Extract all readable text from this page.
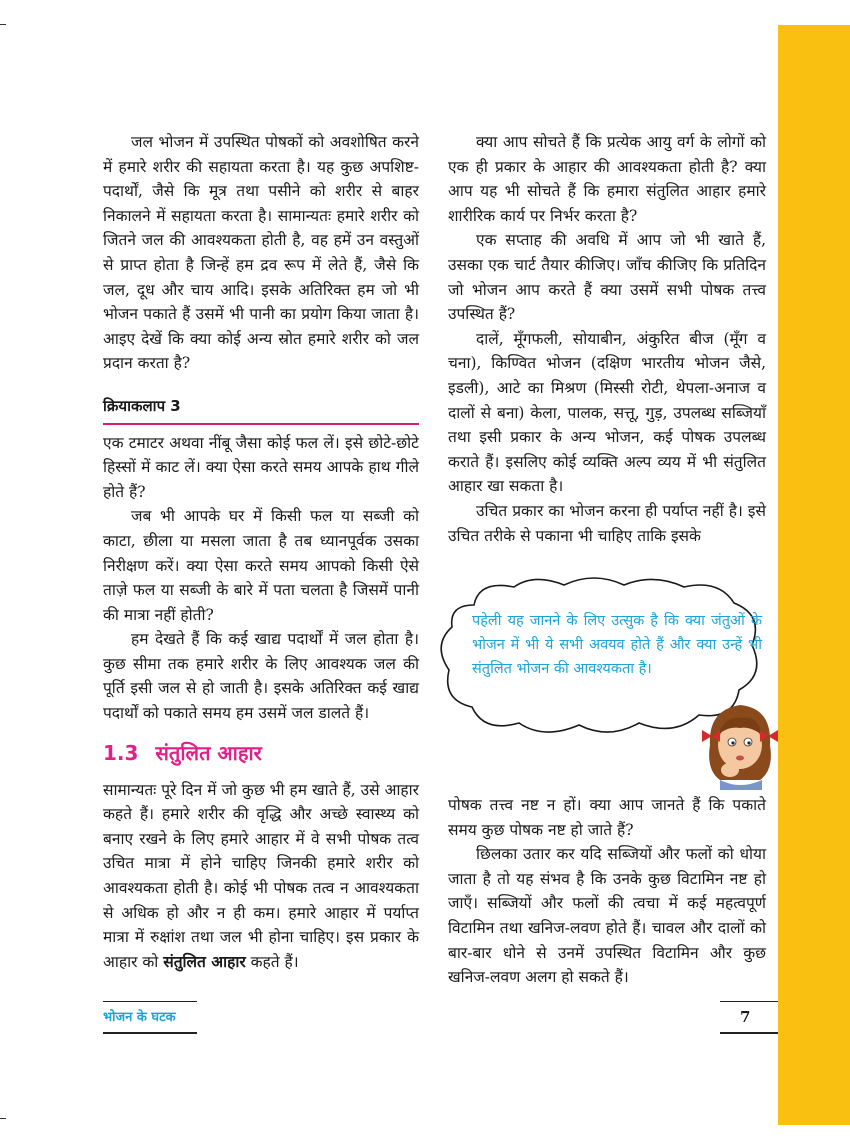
जल भोजन में उपस्थित पोषकों को अवशोषित करने में हमारे शरीर की सहायता करता है। यह कुछ अपशिष्ट-पदार्थों, जैसे कि मूत्र तथा पसीने को शरीर से बाहर निकालने में सहायता करता है। सामान्यतः हमारे शरीर को जितने जल की आवश्यकता होती है, वह हमें उन वस्तुओं से प्राप्त होता है जिन्हें हम द्रव रूप में लेते हैं, जैसे कि जल, दूध और चाय आदि। इसके अतिरिक्त हम जो भी भोजन पकाते हैं उसमें भी पानी का प्रयोग किया जाता है। आइए देखें कि क्या कोई अन्य स्रोत हमारे शरीर को जल प्रदान करता है?

क्रियाकलाप 3

एक टमाटर अथवा नींबू जैसा कोई फल लें। इसे छोटे-छोटे हिस्सों में काट लें। क्या ऐसा करते समय आपके हाथ गीले होते हैं?

जब भी आपके घर में किसी फल या सब्जी को काटा, छीला या मसला जाता है तब ध्यानपूर्वक उसका निरीक्षण करें। क्या ऐसा करते समय आपको किसी ऐसे ताज़े फल या सब्जी के बारे में पता चलता है जिसमें पानी की मात्रा नहीं होती?

हम देखते हैं कि कई खाद्य पदार्थों में जल होता है। कुछ सीमा तक हमारे शरीर के लिए आवश्यक जल की पूर्ति इसी जल से हो जाती है। इसके अतिरिक्त कई खाद्य पदार्थों को पकाते समय हम उसमें जल डालते हैं।

1.3 संतुलित आहार

सामान्यतः पूरे दिन में जो कुछ भी हम खाते हैं, उसे आहार कहते हैं। हमारे शरीर की वृद्धि और अच्छे स्वास्थ्य को बनाए रखने के लिए हमारे आहार में वे सभी पोषक तत्व उचित मात्रा में होने चाहिए जिनकी हमारे शरीर को आवश्यकता होती है। कोई भी पोषक तत्व न आवश्यकता से अधिक हो और न ही कम। हमारे आहार में पर्याप्त मात्रा में रुक्षांश तथा जल भी होना चाहिए। इस प्रकार के आहार को संतुलित आहार कहते हैं।

क्या आप सोचते हैं कि प्रत्येक आयु वर्ग के लोगों को एक ही प्रकार के आहार की आवश्यकता होती है? क्या आप यह भी सोचते हैं कि हमारा संतुलित आहार हमारे शारीरिक कार्य पर निर्भर करता है?

एक सप्ताह की अवधि में आप जो भी खाते हैं, उसका एक चार्ट तैयार कीजिए। जाँच कीजिए कि प्रतिदिन जो भोजन आप करते हैं क्या उसमें सभी पोषक तत्त्व उपस्थित हैं?

दालें, मूँगफली, सोयाबीन, अंकुरित बीज (मूँग व चना), किण्वित भोजन (दक्षिण भारतीय भोजन जैसे, इडली), आटे का मिश्रण (मिस्सी रोटी, थेपला-अनाज व दालों से बना) केला, पालक, सत्तू, गुड़, उपलब्ध सब्जियाँ तथा इसी प्रकार के अन्य भोजन, कई पोषक उपलब्ध कराते हैं। इसलिए कोई व्यक्ति अल्प व्यय में भी संतुलित आहार खा सकता है।

उचित प्रकार का भोजन करना ही पर्याप्त नहीं है। इसे उचित तरीके से पकाना भी चाहिए ताकि इसके

पहेली यह जानने के लिए उत्सुक है कि क्या जंतुओं के भोजन में भी ये सभी अवयव होते हैं और क्या उन्हें भी संतुलित भोजन की आवश्यकता है।

पोषक तत्त्व नष्ट न हों। क्या आप जानते हैं कि पकाते समय कुछ पोषक नष्ट हो जाते हैं?

छिलका उतार कर यदि सब्जियों और फलों को धोया जाता है तो यह संभव है कि उनके कुछ विटामिन नष्ट हो जाएँ। सब्जियों और फलों की त्वचा में कई महत्वपूर्ण विटामिन तथा खनिज-लवण होते हैं। चावल और दालों को बार-बार धोने से उनमें उपस्थित विटामिन और कुछ खनिज-लवण अलग हो सकते हैं।

भोजन के घटक	7
